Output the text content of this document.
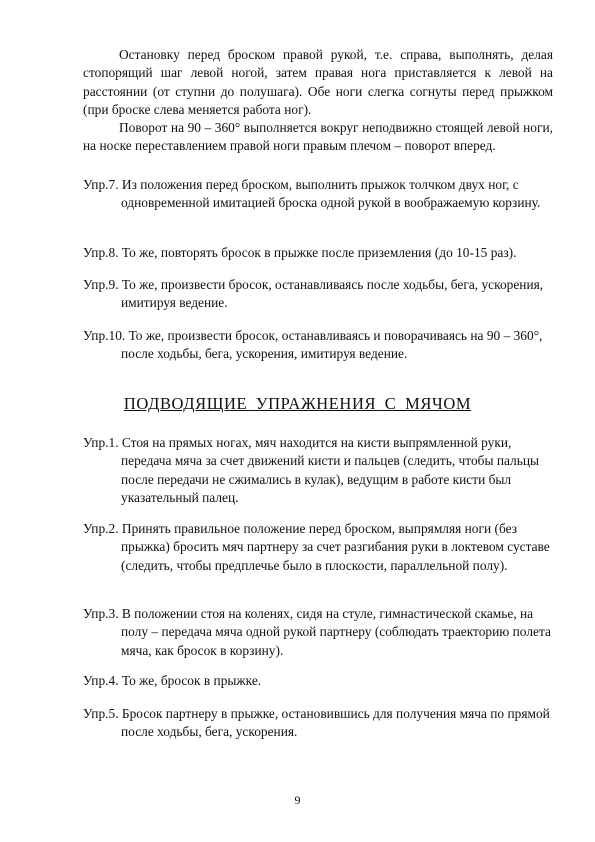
Остановку перед броском правой рукой, т.е. справа, выполнять, делая стопорящий шаг левой ногой, затем правая нога приставляется к левой на расстоянии (от ступни до полушага). Обе ноги слегка согнуты перед прыжком (при броске слева меняется работа ног).

Поворот на 90 – 360° выполняется вокруг неподвижно стоящей левой ноги, на носке переставлением правой ноги правым плечом – поворот вперед.

Упр.7. Из положения перед броском, выполнить прыжок толчком двух ног, с одновременной имитацией броска одной рукой в воображаемую корзину.

Упр.8. То же, повторять бросок в прыжке после приземления (до 10-15 раз).

Упр.9. То же, произвести бросок, останавливаясь после ходьбы, бега, ускорения, имитируя ведение.

Упр.10. То же, произвести бросок, останавливаясь и поворачиваясь на 90 – 360°, после ходьбы, бега, ускорения, имитируя ведение.

ПОДВОДЯЩИЕ УПРАЖНЕНИЯ С МЯЧОМ

Упр.1. Стоя на прямых ногах, мяч находится на кисти выпрямленной руки, передача мяча за счет движений кисти и пальцев (следить, чтобы пальцы после передачи не сжимались в кулак), ведущим в работе кисти был указательный палец.

Упр.2. Принять правильное положение перед броском, выпрямляя ноги (без прыжка) бросить мяч партнеру за счет разгибания руки в локтевом суставе (следить, чтобы предплечье было в плоскости, параллельной полу).

Упр.3. В положении стоя на коленях, сидя на стуле, гимнастической скамье, на полу – передача мяча одной рукой партнеру (соблюдать траекторию полета мяча, как бросок в корзину).

Упр.4. То же, бросок в прыжке.

Упр.5. Бросок партнеру в прыжке, остановившись для получения мяча по прямой после ходьбы, бега, ускорения.

9
